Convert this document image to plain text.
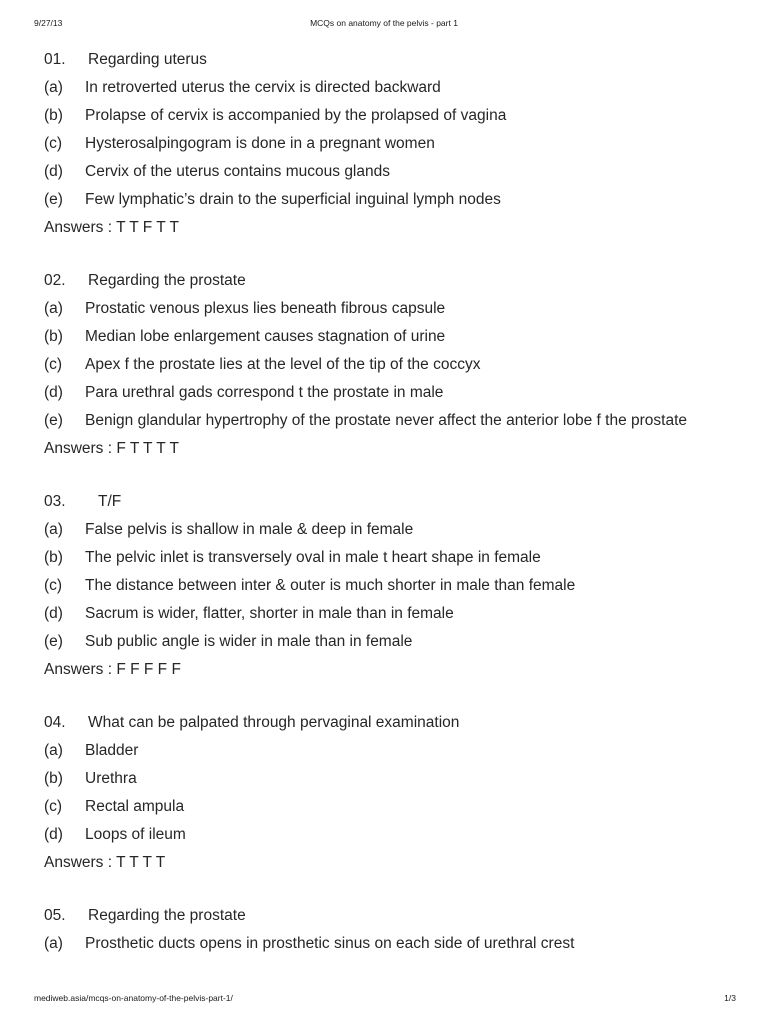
9/27/13	MCQs on anatomy of the pelvis - part 1
01. Regarding uterus
(a) In retroverted uterus the cervix is directed backward
(b) Prolapse of cervix is accompanied by the prolapsed of vagina
(c) Hysterosalpingogram is done in a pregnant women
(d) Cervix of the uterus contains mucous glands
(e) Few lymphatic’s drain to the superficial inguinal lymph nodes
Answers : T T F T T
02. Regarding the prostate
(a) Prostatic venous plexus lies beneath fibrous capsule
(b) Median lobe enlargement causes stagnation of urine
(c) Apex f the prostate lies at the level of the tip of the coccyx
(d) Para urethral gads correspond t the prostate in male
(e) Benign glandular hypertrophy of the prostate never affect the anterior lobe f the prostate
Answers : F T T T T
03. T/F
(a) False pelvis is shallow in male & deep in female
(b) The pelvic inlet is transversely oval in male t heart shape in female
(c) The distance between inter & outer is much shorter in male than female
(d) Sacrum is wider, flatter, shorter in male than in female
(e) Sub public angle is wider in male than in female
Answers : F F F F F
04. What can be palpated through pervaginal examination
(a) Bladder
(b) Urethra
(c) Rectal ampula
(d) Loops of ileum
Answers : T T T T
05. Regarding the prostate
(a) Prosthetic ducts opens in prosthetic sinus on each side of urethral crest
mediweb.asia/mcqs-on-anatomy-of-the-pelvis-part-1/	1/3
